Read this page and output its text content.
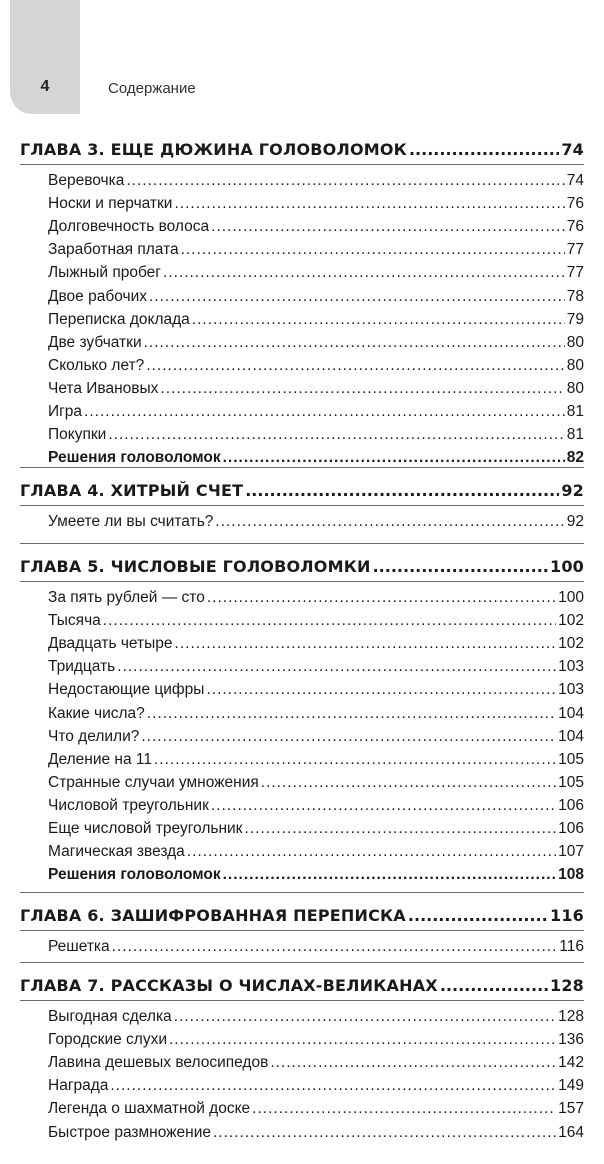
4	Содержание
ГЛАВА 3. ЕЩЕ ДЮЖИНА ГОЛОВОЛОМОК .....	74
Веревочка .....	74
Носки и перчатки .....	76
Долговечность волоса .....	76
Заработная плата .....	77
Лыжный пробег .....	77
Двое рабочих .....	78
Переписка доклада .....	79
Две зубчатки .....	80
Сколько лет? .....	80
Чета Ивановых .....	80
Игра .....	81
Покупки .....	81
Решения головоломок .....	82
ГЛАВА 4. ХИТРЫЙ СЧЕТ .....	92
Умеете ли вы считать? .....	92
ГЛАВА 5. ЧИСЛОВЫЕ ГОЛОВОЛОМКИ .....	100
За пять рублей — сто .....	100
Тысяча .....	102
Двадцать четыре .....	102
Тридцать .....	103
Недостающие цифры .....	103
Какие числа? .....	104
Что делили? .....	104
Деление на 11 .....	105
Странные случаи умножения .....	105
Числовой треугольник .....	106
Еще числовой треугольник .....	106
Магическая звезда .....	107
Решения головоломок .....	108
ГЛАВА 6. ЗАШИФРОВАННАЯ ПЕРЕПИСКА .....	116
Решетка .....	116
ГЛАВА 7. РАССКАЗЫ О ЧИСЛАХ-ВЕЛИКАНАХ .....	128
Выгодная сделка .....	128
Городские слухи .....	136
Лавина дешевых велосипедов .....	142
Награда .....	149
Легенда о шахматной доске .....	157
Быстрое размножение .....	164
